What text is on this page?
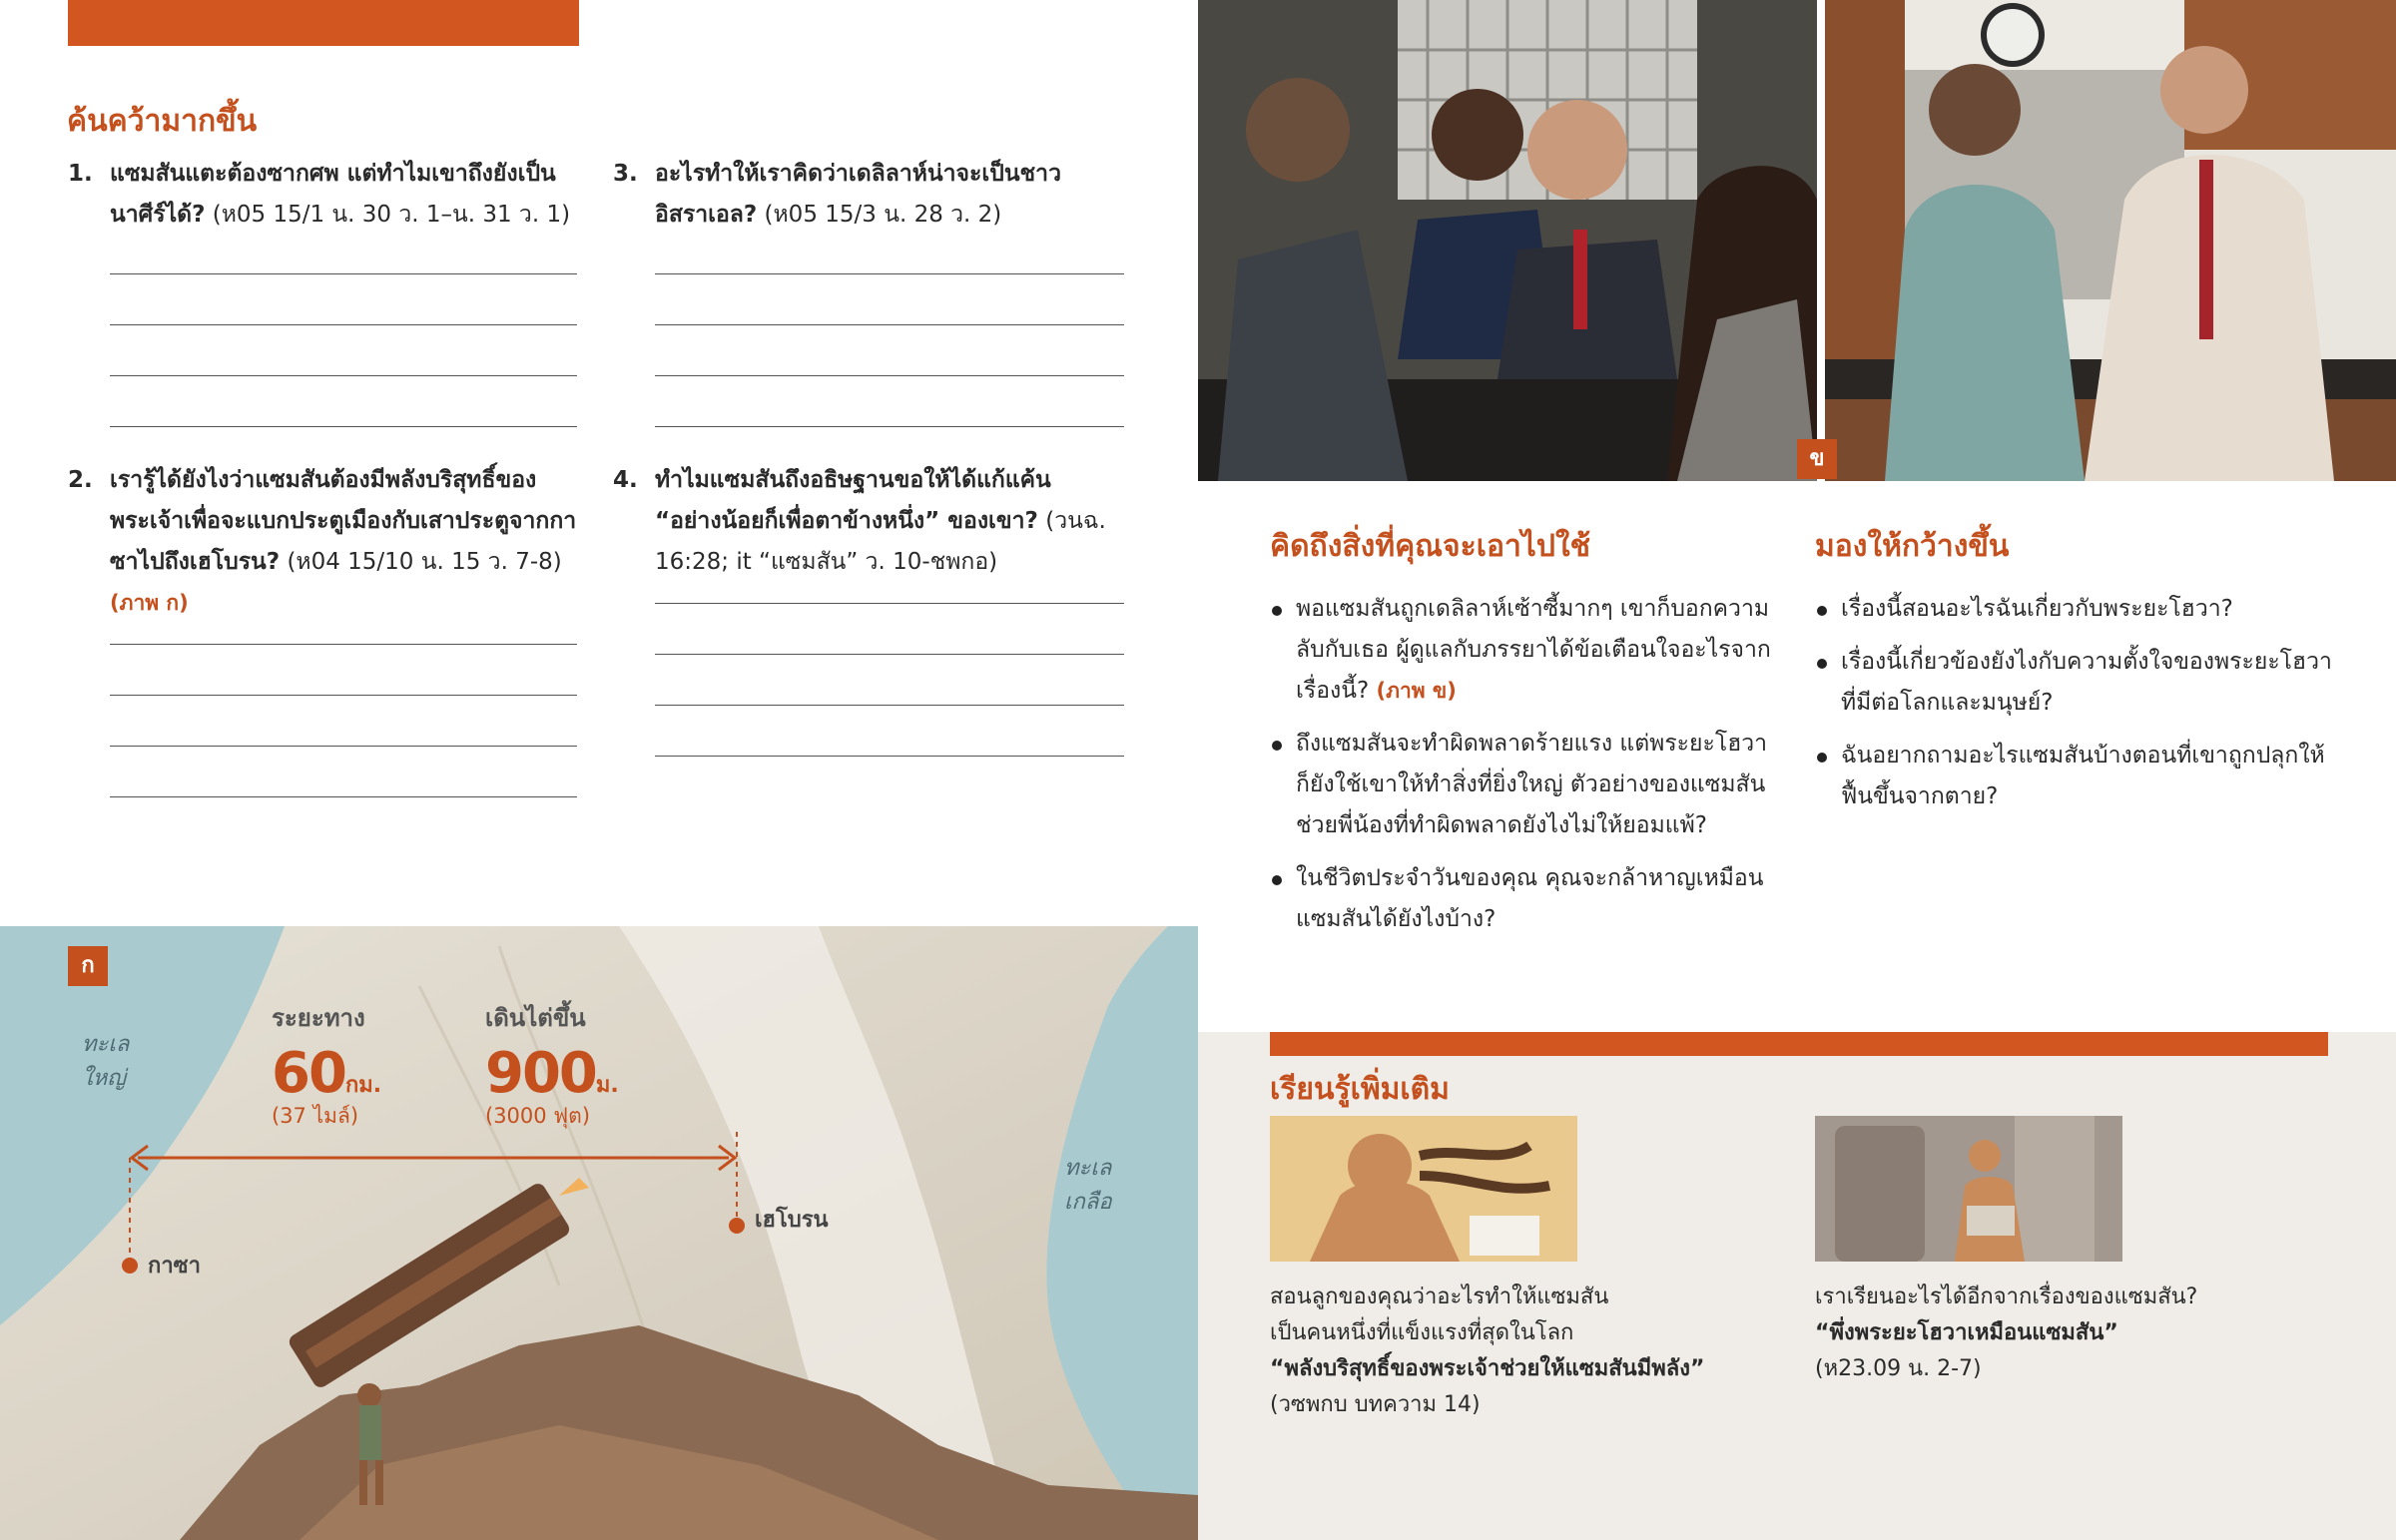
ค้นคว้ามากขึ้น
1. แซมสันแตะต้องซากศพ แต่ทำไมเขาถึงยังเป็นนาศีร์ได้? (ห05 15/1 น. 30 ว. 1–น. 31 ว. 1)
2. เรารู้ได้ยังไงว่าแซมสันต้องมีพลังบริสุทธิ์ของพระเจ้าเพื่อจะแบกประตูเมืองกับเสาประตูจากกาซาไปถึงเฮโบรน? (ห04 15/10 น. 15 ว. 7-8)
(ภาพ ก)
3. อะไรทำให้เราคิดว่าเดลิลาห์น่าจะเป็นชาวอิสราเอล? (ห05 15/3 น. 28 ว. 2)
4. ทำไมแซมสันถึงอธิษฐานขอให้ได้แก้แค้น “อย่างน้อยก็เพื่อตาข้างหนึ่ง” ของเขา? (วนฉ. 16:28; it “แซมสัน” ว. 10-ชพกอ)
ก
ทะเล
ใหญ่
ทะเล
เกลือ
ระยะทาง
60กม.
(37 ไมล์)
เดินไต่ขึ้น
900ม.
(3000 ฟุต)
กาซา
เฮโบรน
ข
คิดถึงสิ่งที่คุณจะเอาไปใช้
พอแซมสันถูกเดลิลาห์เซ้าซี้มากๆ เขาก็บอกความลับกับเธอ ผู้ดูแลกับภรรยาได้ข้อเตือนใจอะไรจากเรื่องนี้? (ภาพ ข)
ถึงแซมสันจะทำผิดพลาดร้ายแรง แต่พระยะโฮวาก็ยังใช้เขาให้ทำสิ่งที่ยิ่งใหญ่ ตัวอย่างของแซมสันช่วยพี่น้องที่ทำผิดพลาดยังไงไม่ให้ยอมแพ้?
ในชีวิตประจำวันของคุณ คุณจะกล้าหาญเหมือนแซมสันได้ยังไงบ้าง?
มองให้กว้างขึ้น
เรื่องนี้สอนอะไรฉันเกี่ยวกับพระยะโฮวา?
เรื่องนี้เกี่ยวข้องยังไงกับความตั้งใจของพระยะโฮวาที่มีต่อโลกและมนุษย์?
ฉันอยากถามอะไรแซมสันบ้างตอนที่เขาถูกปลุกให้ฟื้นขึ้นจากตาย?
เรียนรู้เพิ่มเติม
สอนลูกของคุณว่าอะไรทำให้แซมสัน
เป็นคนหนึ่งที่แข็งแรงที่สุดในโลก
“พลังบริสุทธิ์ของพระเจ้าช่วยให้แซมสันมีพลัง”
(วซพกบ บทความ 14)
เราเรียนอะไรได้อีกจากเรื่องของแซมสัน?
“พึ่งพระยะโฮวาเหมือนแซมสัน”
(ห23.09 น. 2-7)
